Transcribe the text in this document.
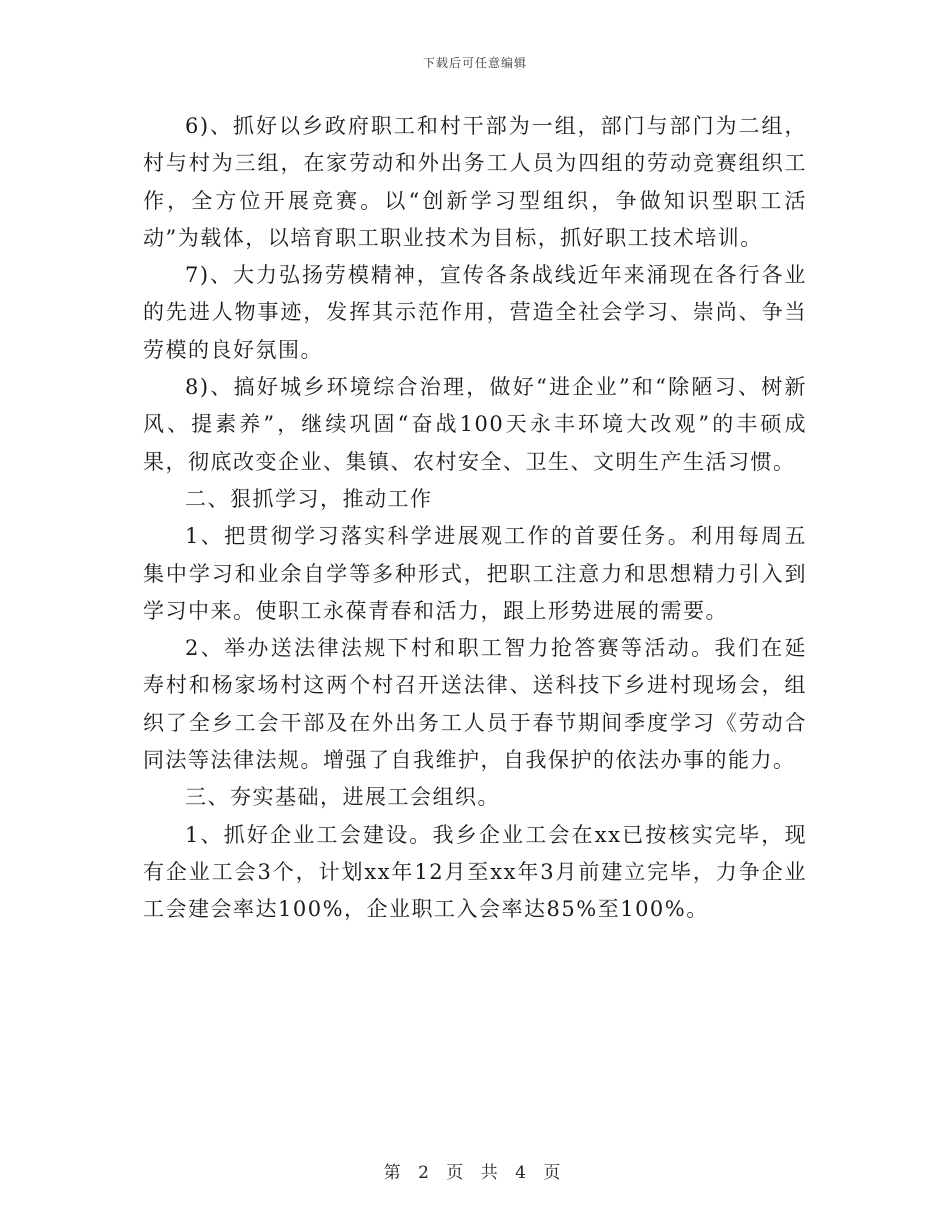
下载后可任意编辑

6)、抓好以乡政府职工和村干部为一组，部门与部门为二组，村与村为三组，在家劳动和外出务工人员为四组的劳动竞赛组织工作，全方位开展竞赛。以“创新学习型组织，争做知识型职工活动”为载体，以培育职工职业技术为目标，抓好职工技术培训。

7)、大力弘扬劳模精神，宣传各条战线近年来涌现在各行各业的先进人物事迹，发挥其示范作用，营造全社会学习、崇尚、争当劳模的良好氛围。

8)、搞好城乡环境综合治理，做好“进企业”和“除陋习、树新风、提素养”，继续巩固“奋战100天永丰环境大改观”的丰硕成果，彻底改变企业、集镇、农村安全、卫生、文明生产生活习惯。

二、狠抓学习，推动工作

1、把贯彻学习落实科学进展观工作的首要任务。利用每周五集中学习和业余自学等多种形式，把职工注意力和思想精力引入到学习中来。使职工永葆青春和活力，跟上形势进展的需要。

2、举办送法律法规下村和职工智力抢答赛等活动。我们在延寿村和杨家场村这两个村召开送法律、送科技下乡进村现场会，组织了全乡工会干部及在外出务工人员于春节期间季度学习《劳动合同法等法律法规。增强了自我维护，自我保护的依法办事的能力。

三、夯实基础，进展工会组织。

1、抓好企业工会建设。我乡企业工会在xx已按核实完毕，现有企业工会3个，计划xx年12月至xx年3月前建立完毕，力争企业工会建会率达100%，企业职工入会率达85%至100%。

第 2 页 共 4 页
